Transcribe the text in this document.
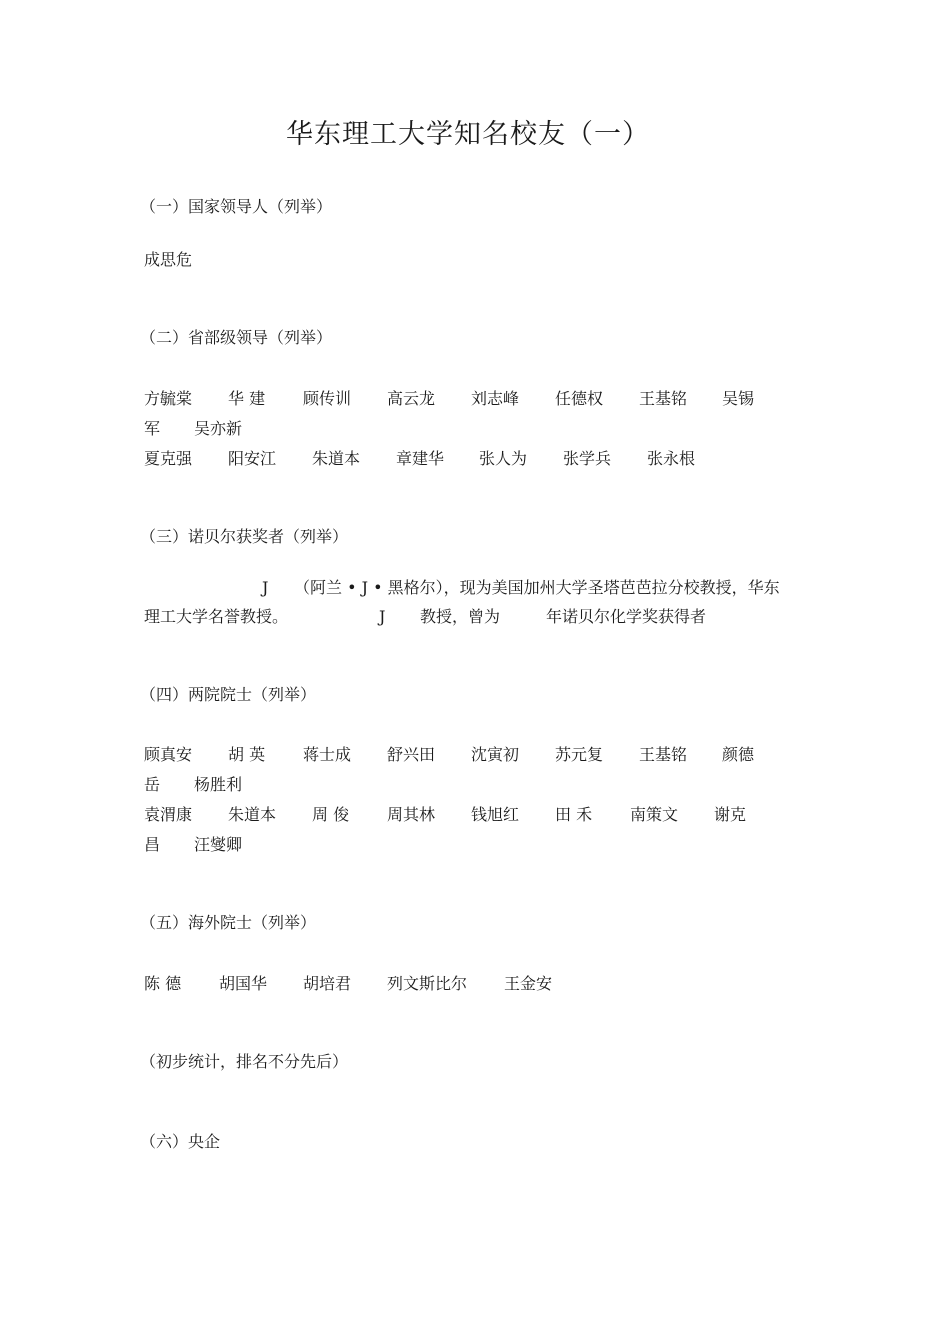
华东理工大学知名校友（一）
（一）国家领导人（列举）
成思危
（二）省部级领导（列举）
方毓棠 华 建 顾传训 高云龙 刘志峰 任德权 王基铭 吴锡
军 吴亦新
夏克强 阳安江 朱道本 章建华 张人为 张学兵 张永根
（三）诺贝尔获奖者（列举）
J （阿兰 • J • 黑格尔），现为美国加州大学圣塔芭芭拉分校教授，华东
理工大学名誉教授。	J 教授，曾为	年诺贝尔化学奖获得者
（四）两院院士（列举）
顾真安 胡 英 蒋士成 舒兴田 沈寅初 苏元复 王基铭 颜德
岳 杨胜利
袁渭康 朱道本 周 俊 周其林 钱旭红 田 禾 南策文 谢克
昌 汪燮卿
（五）海外院士（列举）
陈 德 胡国华 胡培君 列文斯比尔 王金安
（初步统计，排名不分先后）
（六）央企
